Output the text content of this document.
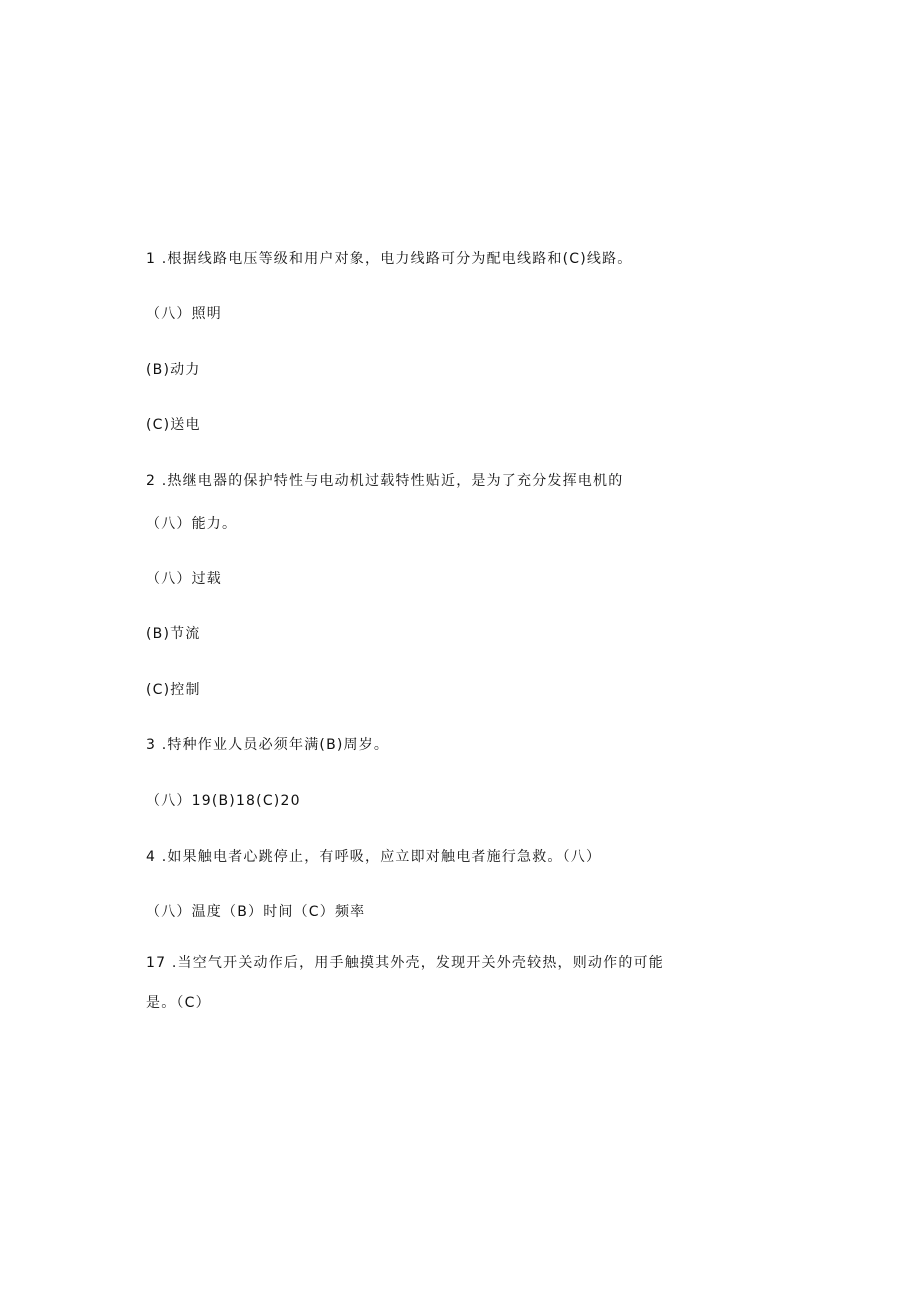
1 .根据线路电压等级和用户对象，电力线路可分为配电线路和(C)线路。
（八）照明
(B)动力
(C)送电
2 .热继电器的保护特性与电动机过载特性贴近，是为了充分发挥电机的
（八）能力。
（八）过载
(B)节流
(C)控制
3 .特种作业人员必须年满(B)周岁。
（八）19(B)18(C)20
4 .如果触电者心跳停止，有呼吸，应立即对触电者施行急救。（八）
（八）温度（B）时间（C）频率
17 .当空气开关动作后，用手触摸其外壳，发现开关外壳较热，则动作的可能
是。（C）
